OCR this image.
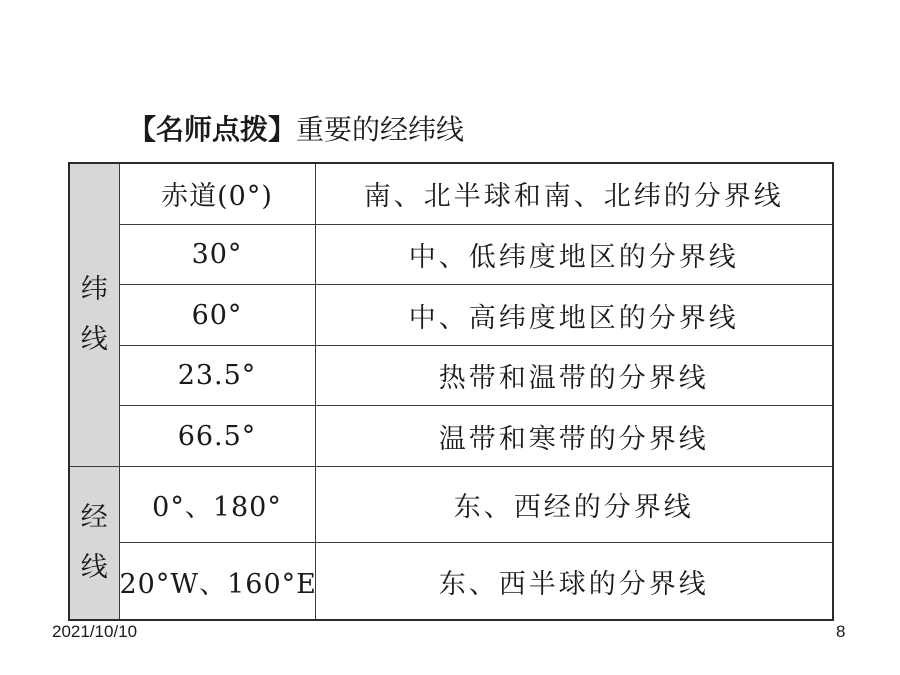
【名师点拨】重要的经纬线
纬
线	赤道(0°)	南、北半球和南、北纬的分界线
	30°	中、低纬度地区的分界线
	60°	中、高纬度地区的分界线
	23.5°	热带和温带的分界线
	66.5°	温带和寒带的分界线

经
线	0°、180°	东、西经的分界线
	20°W、160°E	东、西半球的分界线
2021/10/10	8
